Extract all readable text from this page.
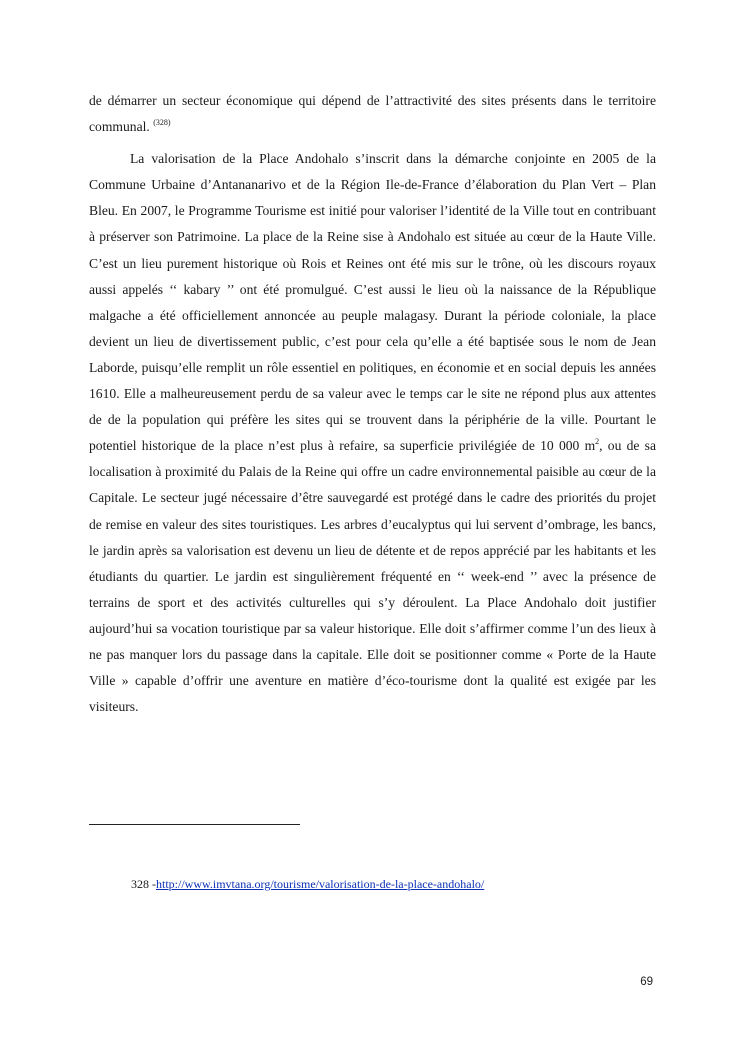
de démarrer un secteur économique qui dépend de l’attractivité des sites présents dans le territoire communal. $^{(328)}$

La valorisation de la Place Andohalo s’inscrit dans la démarche conjointe en 2005 de la Commune Urbaine d’Antananarivo et de la Région Ile-de-France d’élaboration du Plan Vert – Plan Bleu. En 2007, le Programme Tourisme est initié pour valoriser l’identité de la Ville tout en contribuant à préserver son Patrimoine. La place de la Reine sise à Andohalo est située au cœur de la Haute Ville. C’est un lieu purement historique où Rois et Reines ont été mis sur le trône, où les discours royaux aussi appelés ‘‘ kabary ’’ ont été promulgué. C’est aussi le lieu où la naissance de la République malgache a été officiellement annoncée au peuple malagasy. Durant la période coloniale, la place devient un lieu de divertissement public, c’est pour cela qu’elle a été baptisée sous le nom de Jean Laborde, puisqu’elle remplit un rôle essentiel en politiques, en économie et en social depuis les années 1610. Elle a malheureusement perdu de sa valeur avec le temps car le site ne répond plus aux attentes de de la population qui préfère les sites qui se trouvent dans la périphérie de la ville. Pourtant le potentiel historique de la place n’est plus à refaire, sa superficie privilégiée de 10 000 $m^2$, ou de sa localisation à proximité du Palais de la Reine qui offre un cadre environnemental paisible au cœur de la Capitale. Le secteur jugé nécessaire d’être sauvegardé est protégé dans le cadre des priorités du projet de remise en valeur des sites touristiques. Les arbres d’eucalyptus qui lui servent d’ombrage, les bancs, le jardin après sa valorisation est devenu un lieu de détente et de repos apprécié par les habitants et les étudiants du quartier. Le jardin est singulièrement fréquenté en ‘‘ week-end ’’ avec la présence de terrains de sport et des activités culturelles qui s’y déroulent. La Place Andohalo doit justifier aujourd’hui sa vocation touristique par sa valeur historique. Elle doit s’affirmer comme l’un des lieux à ne pas manquer lors du passage dans la capitale. Elle doit se positionner comme « Porte de la Haute Ville » capable d’offrir une aventure en matière d’éco-tourisme dont la qualité est exigée par les visiteurs.

328 -http://www.imvtana.org/tourisme/valorisation-de-la-place-andohalo/
69
